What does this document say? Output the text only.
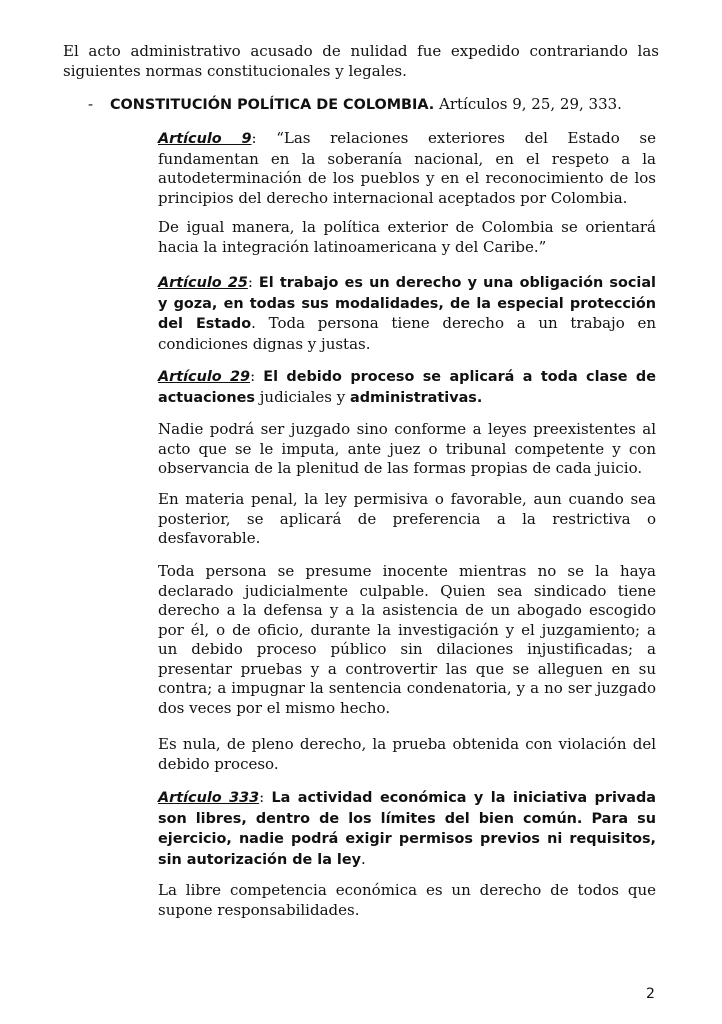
El acto administrativo acusado de nulidad fue expedido contrariando las siguientes normas constitucionales y legales.

- CONSTITUCIÓN POLÍTICA DE COLOMBIA. Artículos 9, 25, 29, 333.

Artículo 9: “Las relaciones exteriores del Estado se fundamentan en la soberanía nacional, en el respeto a la autodeterminación de los pueblos y en el reconocimiento de los principios del derecho internacional aceptados por Colombia.

De igual manera, la política exterior de Colombia se orientará hacia la integración latinoamericana y del Caribe.”

Artículo 25: El trabajo es un derecho y una obligación social y goza, en todas sus modalidades, de la especial protección del Estado. Toda persona tiene derecho a un trabajo en condiciones dignas y justas.

Artículo 29: El debido proceso se aplicará a toda clase de actuaciones judiciales y administrativas.

Nadie podrá ser juzgado sino conforme a leyes preexistentes al acto que se le imputa, ante juez o tribunal competente y con observancia de la plenitud de las formas propias de cada juicio.

En materia penal, la ley permisiva o favorable, aun cuando sea posterior, se aplicará de preferencia a la restrictiva o desfavorable.

Toda persona se presume inocente mientras no se la haya declarado judicialmente culpable. Quien sea sindicado tiene derecho a la defensa y a la asistencia de un abogado escogido por él, o de oficio, durante la investigación y el juzgamiento; a un debido proceso público sin dilaciones injustificadas; a presentar pruebas y a controvertir las que se alleguen en su contra; a impugnar la sentencia condenatoria, y a no ser juzgado dos veces por el mismo hecho.

Es nula, de pleno derecho, la prueba obtenida con violación del debido proceso.

Artículo 333: La actividad económica y la iniciativa privada son libres, dentro de los límites del bien común. Para su ejercicio, nadie podrá exigir permisos previos ni requisitos, sin autorización de la ley.

La libre competencia económica es un derecho de todos que supone responsabilidades.

2
